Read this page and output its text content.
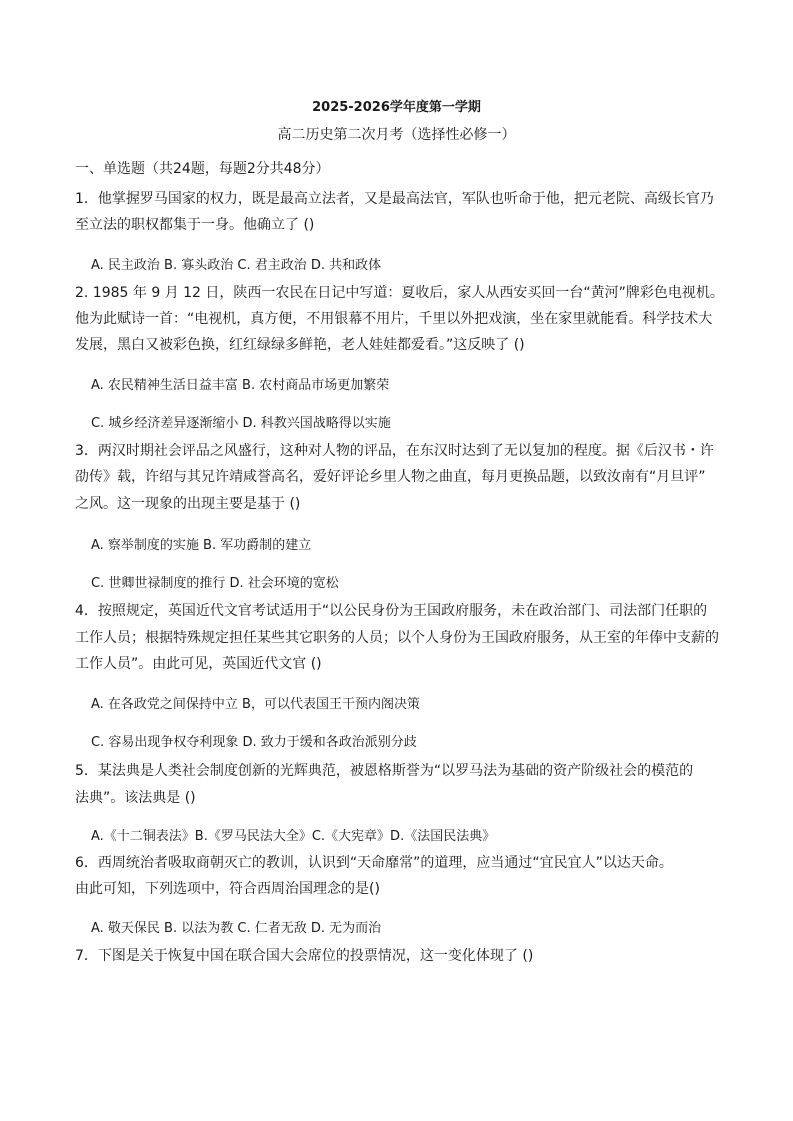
2025-2026学年度第一学期
高二历史第二次月考（选择性必修一）
一、单选题（共24题，每题2分共48分）
1．他掌握罗马国家的权力，既是最高立法者，又是最高法官，军队也听命于他，把元老院、高级长官乃
至立法的职权都集于一身。他确立了 ()
A. 民主政治 B. 寡头政治 C. 君主政治 D. 共和政体
2. 1985 年 9 月 12 日，陕西一农民在日记中写道：夏收后，家人从西安买回一台“黄河”牌彩色电视机。
他为此赋诗一首：“电视机，真方便，不用银幕不用片，千里以外把戏演，坐在家里就能看。科学技术大
发展，黑白又被彩色换，红红绿绿多鲜艳，老人娃娃都爱看。”这反映了 ()
A. 农民精神生活日益丰富 B. 农村商品市场更加繁荣
C. 城乡经济差异逐渐缩小 D. 科教兴国战略得以实施
3．两汉时期社会评品之风盛行，这种对人物的评品，在东汉时达到了无以复加的程度。据《后汉书・许
劭传》载，许绍与其兄许靖咸誉高名，爱好评论乡里人物之曲直，每月更换品题，以致汝南有“月旦评”
之风。这一现象的出现主要是基于 ()
A. 察举制度的实施 B. 军功爵制的建立
C. 世卿世禄制度的推行 D. 社会环境的宽松
4．按照规定，英国近代文官考试适用于“以公民身份为王国政府服务，未在政治部门、司法部门任职的
工作人员；根据特殊规定担任某些其它职务的人员；以个人身份为王国政府服务，从王室的年俸中支薪的
工作人员”。由此可见，英国近代文官 ()
A. 在各政党之间保持中立 B，可以代表国王干预内阁决策
C. 容易出现争权夺利现象 D. 致力于缓和各政治派别分歧
5．某法典是人类社会制度创新的光辉典范，被恩格斯誉为“以罗马法为基础的资产阶级社会的模范的
法典”。该法典是 ()
A.《十二铜表法》B.《罗马民法大全》C.《大宪章》D.《法国民法典》
6．西周统治者吸取商朝灭亡的教训，认识到“天命靡常”的道理，应当通过“宜民宜人”以达天命。
由此可知，下列选项中，符合西周治国理念的是()
A. 敬天保民 B. 以法为教 C. 仁者无敌 D. 无为而治
7．下图是关于恢复中国在联合国大会席位的投票情况，这一变化体现了 ()
